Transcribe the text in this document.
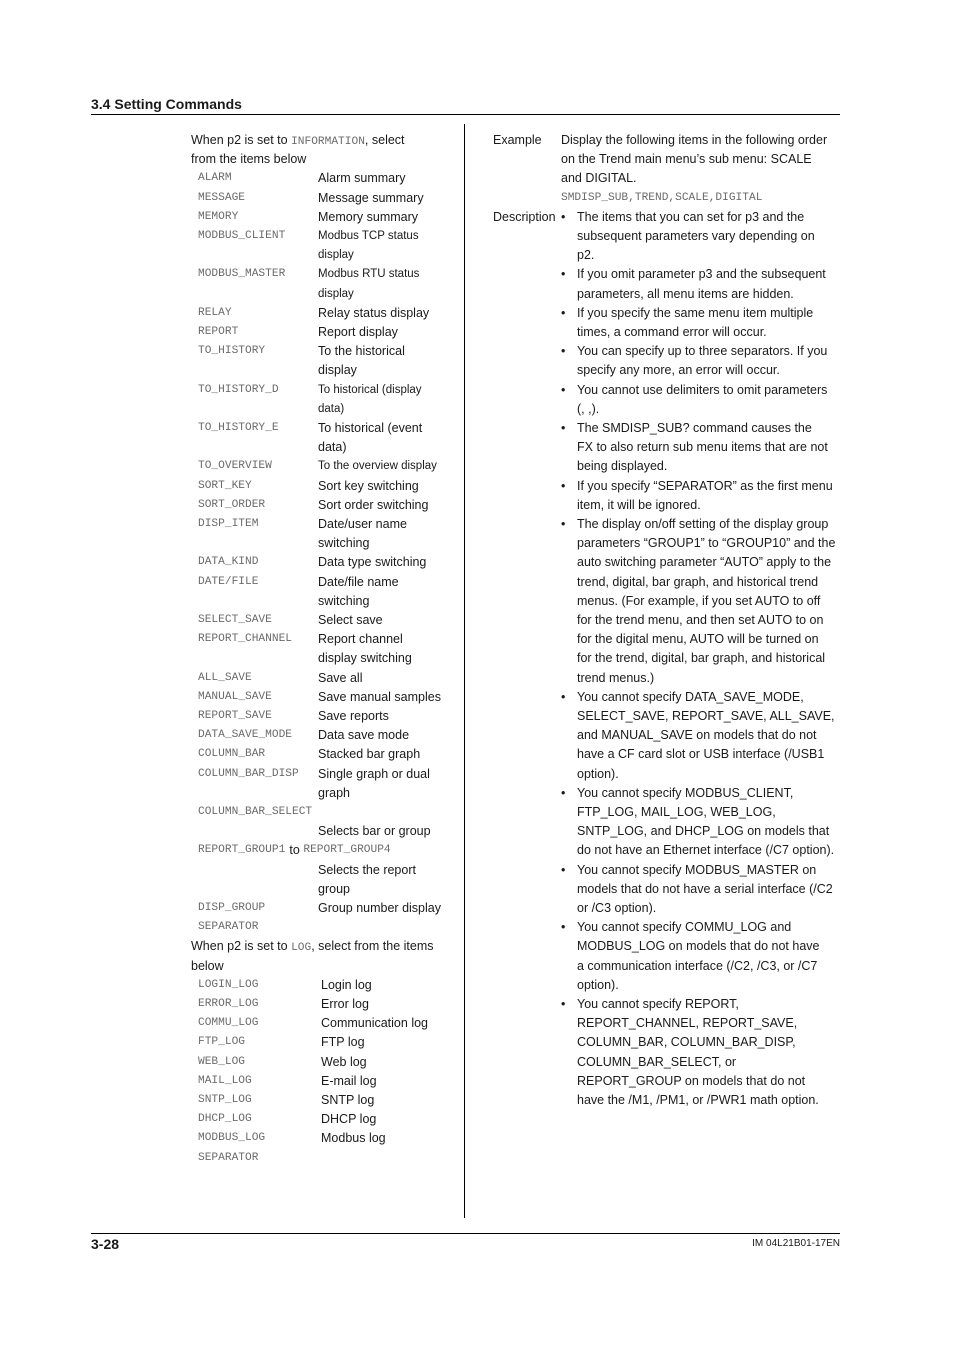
3.4 Setting Commands
3-28	IM 04L21B01-17EN
When p2 is set to INFORMATION, select
from the items below
ALARM	Alarm summary
MESSAGE	Message summary
MEMORY	Memory summary
MODBUS_CLIENT	Modbus TCP status
display
MODBUS_MASTER	Modbus RTU status
display
RELAY	Relay status display
REPORT	Report display
TO_HISTORY	To the historical
display
TO_HISTORY_D	To historical (display
data)
TO_HISTORY_E	To historical (event
data)
TO_OVERVIEW	To the overview display
SORT_KEY	Sort key switching
SORT_ORDER	Sort order switching
DISP_ITEM	Date/user name
switching
DATA_KIND	Data type switching
DATE/FILE	Date/file name
switching
SELECT_SAVE	Select save
REPORT_CHANNEL Report channel
display switching
ALL_SAVE	Save all
MANUAL_SAVE	Save manual samples
REPORT_SAVE	Save reports
DATA_SAVE_MODE Data save mode
COLUMN_BAR	Stacked bar graph
COLUMN_BAR_DISP Single graph or dual
graph
COLUMN_BAR_SELECT
Selects bar or group
REPORT_GROUP1 to REPORT_GROUP4
Selects the report
group
DISP_GROUP	Group number display
SEPARATOR
When p2 is set to LOG, select from the items
below
LOGIN_LOG	Login log
ERROR_LOG	Error log
COMMU_LOG	Communication log
FTP_LOG	FTP log
WEB_LOG	Web log
MAIL_LOG	E-mail log
SNTP_LOG	SNTP log
DHCP_LOG	DHCP log
MODBUS_LOG	Modbus log
SEPARATOR
Example Display the following items in the following order
on the Trend main menu’s sub menu: SCALE
and DIGITAL.
SMDISP_SUB,TREND,SCALE,DIGITAL
Description • The items that you can set for p3 and the
subsequent parameters vary depending on
p2.
• If you omit parameter p3 and the subsequent
parameters, all menu items are hidden.
• If you specify the same menu item multiple
times, a command error will occur.
• You can specify up to three separators. If you
specify any more, an error will occur.
• You cannot use delimiters to omit parameters
(, ,).
• The SMDISP_SUB? command causes the
FX to also return sub menu items that are not
being displayed.
• If you specify “SEPARATOR” as the first menu
item, it will be ignored.
• The display on/off setting of the display group
parameters “GROUP1” to “GROUP10” and the
auto switching parameter “AUTO” apply to the
trend, digital, bar graph, and historical trend
menus. (For example, if you set AUTO to off
for the trend menu, and then set AUTO to on
for the digital menu, AUTO will be turned on
for the trend, digital, bar graph, and historical
trend menus.)
• You cannot specify DATA_SAVE_MODE,
SELECT_SAVE, REPORT_SAVE, ALL_SAVE,
and MANUAL_SAVE on models that do not
have a CF card slot or USB interface (/USB1
option).
• You cannot specify MODBUS_CLIENT,
FTP_LOG, MAIL_LOG, WEB_LOG,
SNTP_LOG, and DHCP_LOG on models that
do not have an Ethernet interface (/C7 option).
• You cannot specify MODBUS_MASTER on
models that do not have a serial interface (/C2
or /C3 option).
• You cannot specify COMMU_LOG and
MODBUS_LOG on models that do not have
a communication interface (/C2, /C3, or /C7
option).
• You cannot specify REPORT,
REPORT_CHANNEL, REPORT_SAVE,
COLUMN_BAR, COLUMN_BAR_DISP,
COLUMN_BAR_SELECT, or
REPORT_GROUP on models that do not
have the /M1, /PM1, or /PWR1 math option.
